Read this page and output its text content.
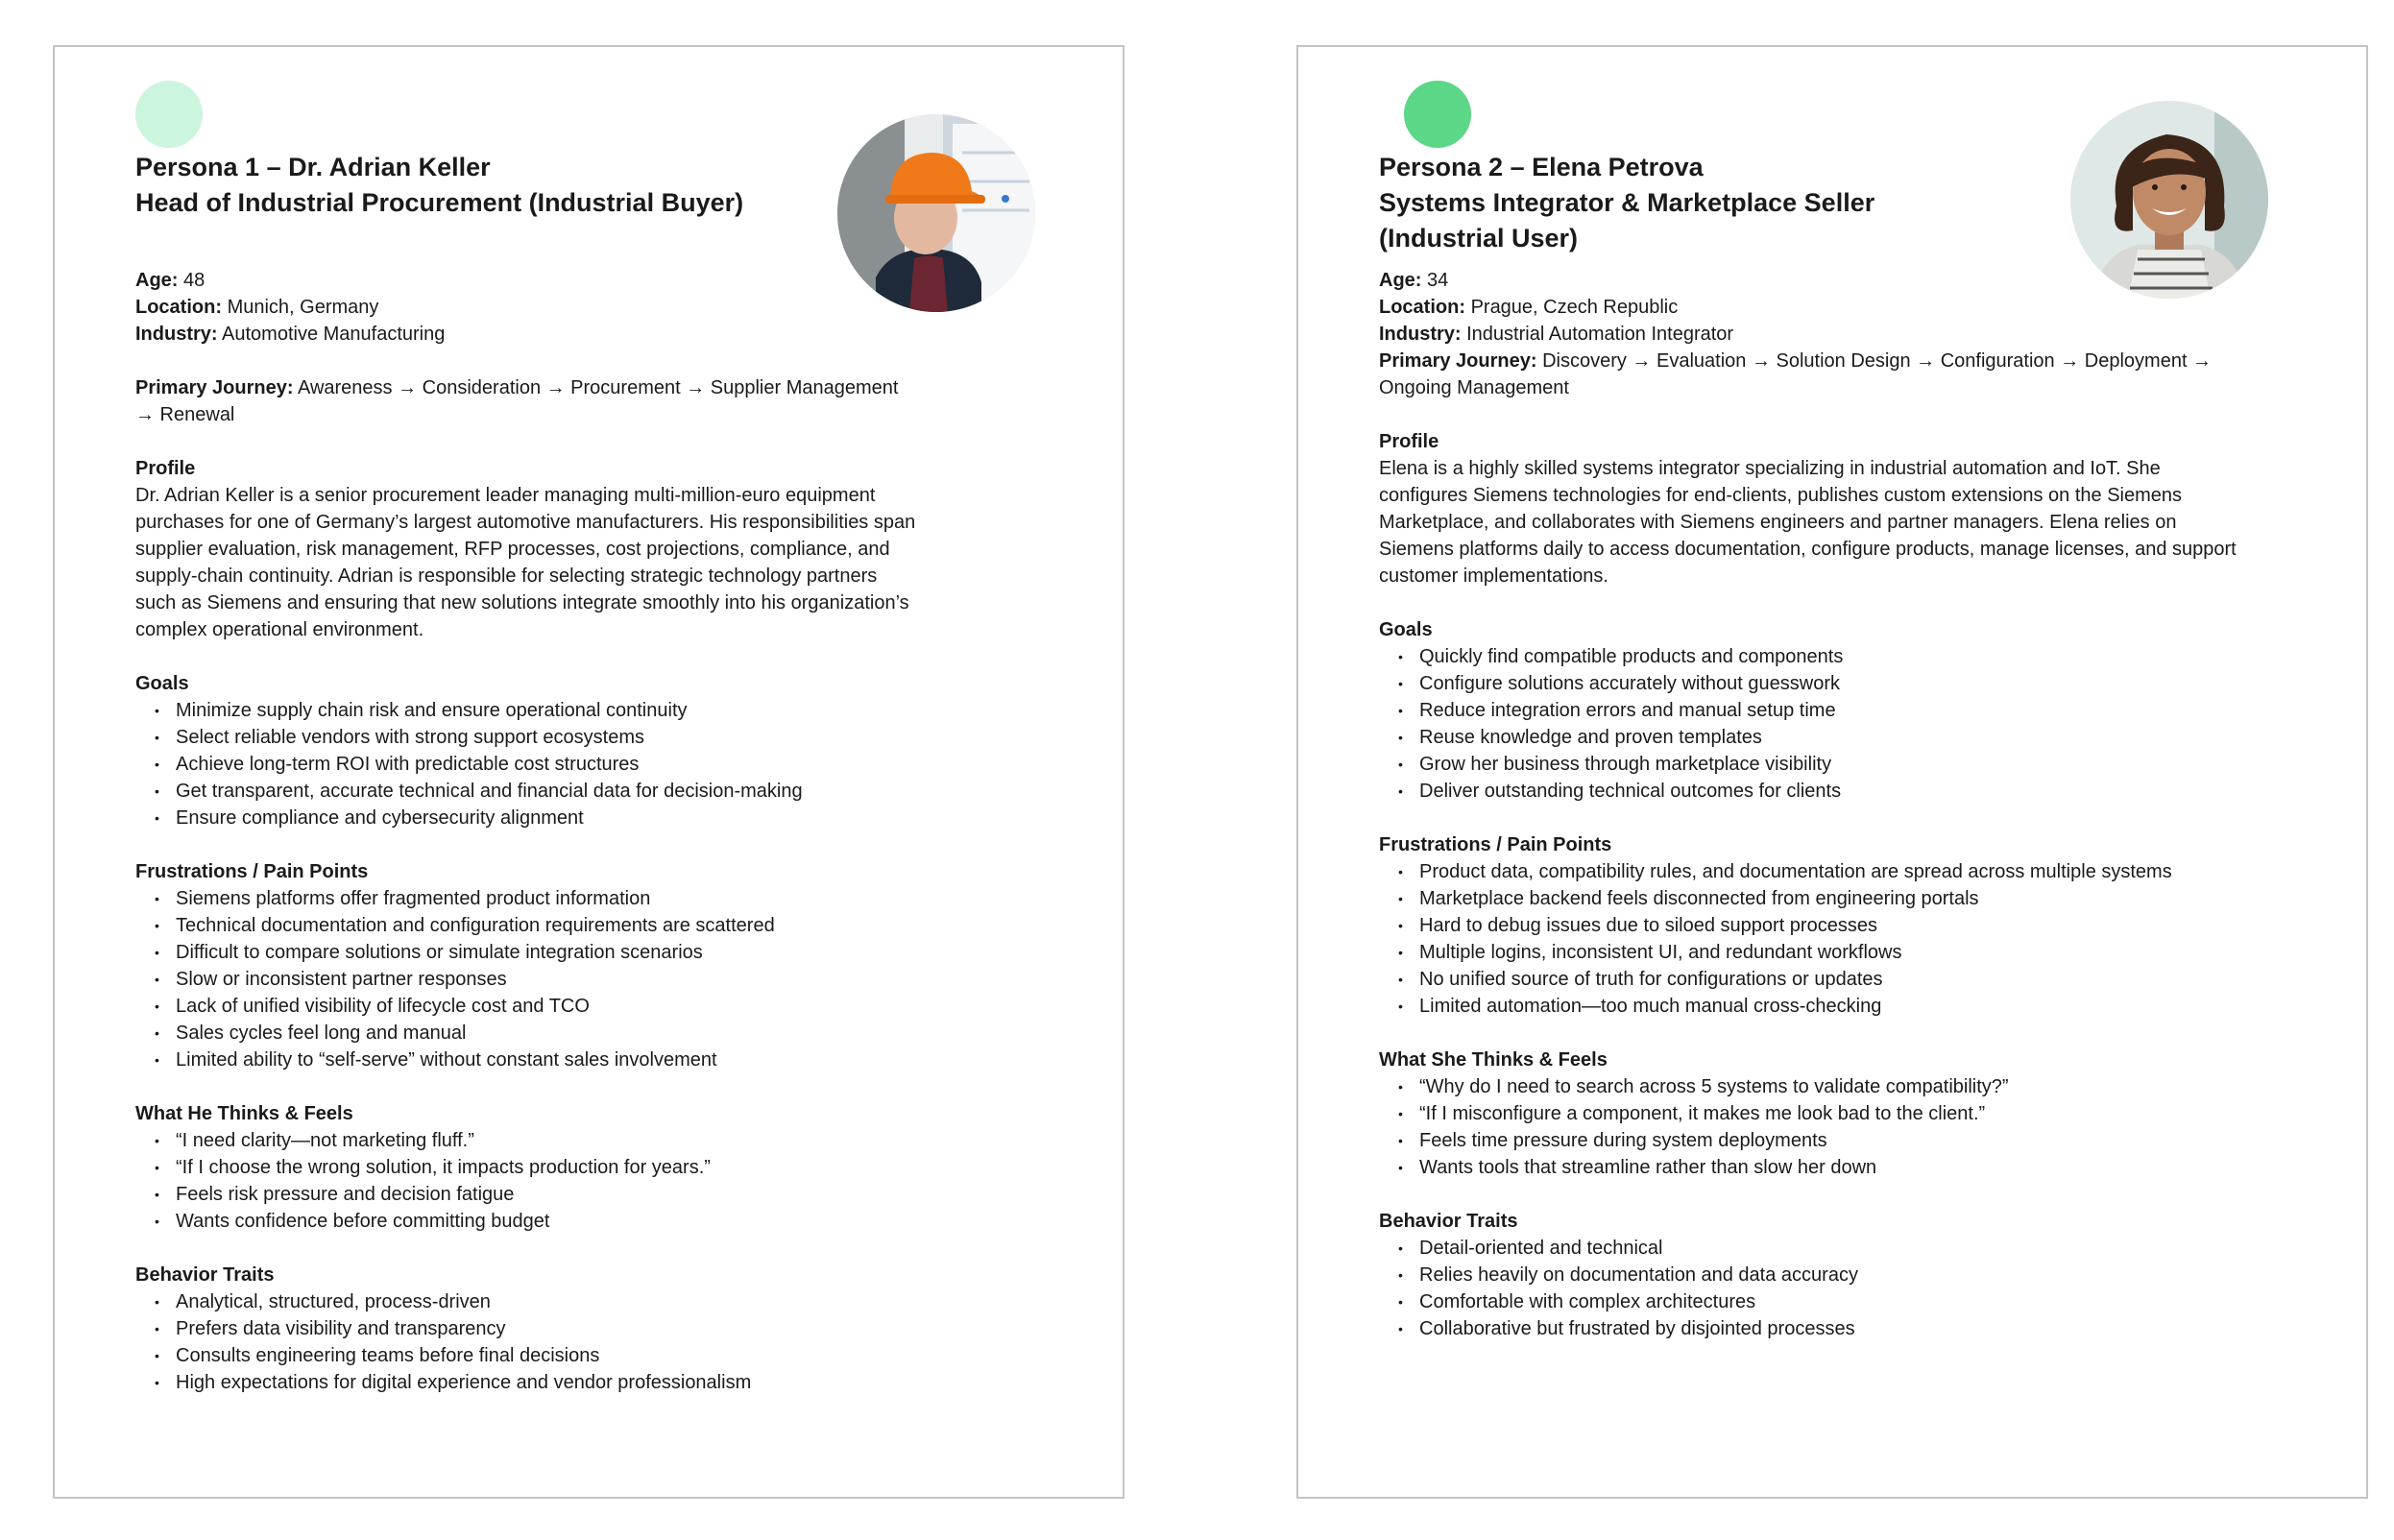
Persona 1 – Dr. Adrian Keller
Head of Industrial Procurement (Industrial Buyer)

Age: 48

Location: Munich, Germany

Industry: Automotive Manufacturing

Primary Journey: Awareness → Consideration → Procurement → Supplier Management → Renewal

Profile

Dr. Adrian Keller is a senior procurement leader managing multi-million-euro equipment purchases for one of Germany’s largest automotive manufacturers. His responsibilities span supplier evaluation, risk management, RFP processes, cost projections, compliance, and supply-chain continuity. Adrian is responsible for selecting strategic technology partners such as Siemens and ensuring that new solutions integrate smoothly into his organization’s complex operational environment.

Goals

• Minimize supply chain risk and ensure operational continuity
• Select reliable vendors with strong support ecosystems
• Achieve long-term ROI with predictable cost structures
• Get transparent, accurate technical and financial data for decision-making
• Ensure compliance and cybersecurity alignment

Frustrations / Pain Points

• Siemens platforms offer fragmented product information
• Technical documentation and configuration requirements are scattered
• Difficult to compare solutions or simulate integration scenarios
• Slow or inconsistent partner responses
• Lack of unified visibility of lifecycle cost and TCO
• Sales cycles feel long and manual
• Limited ability to “self-serve” without constant sales involvement

What He Thinks & Feels

• “I need clarity—not marketing fluff.”
• “If I choose the wrong solution, it impacts production for years.”
• Feels risk pressure and decision fatigue
• Wants confidence before committing budget

Behavior Traits

• Analytical, structured, process-driven
• Prefers data visibility and transparency
• Consults engineering teams before final decisions
• High expectations for digital experience and vendor professionalism
Persona 2 – Elena Petrova
Systems Integrator & Marketplace Seller
(Industrial User)

Age: 34

Location: Prague, Czech Republic

Industry: Industrial Automation Integrator

Primary Journey: Discovery → Evaluation → Solution Design → Configuration → Deployment → Ongoing Management

Profile

Elena is a highly skilled systems integrator specializing in industrial automation and IoT. She configures Siemens technologies for end-clients, publishes custom extensions on the Siemens Marketplace, and collaborates with Siemens engineers and partner managers. Elena relies on Siemens platforms daily to access documentation, configure products, manage licenses, and support customer implementations.

Goals

• Quickly find compatible products and components
• Configure solutions accurately without guesswork
• Reduce integration errors and manual setup time
• Reuse knowledge and proven templates
• Grow her business through marketplace visibility
• Deliver outstanding technical outcomes for clients

Frustrations / Pain Points

• Product data, compatibility rules, and documentation are spread across multiple systems
• Marketplace backend feels disconnected from engineering portals
• Hard to debug issues due to siloed support processes
• Multiple logins, inconsistent UI, and redundant workflows
• No unified source of truth for configurations or updates
• Limited automation—too much manual cross-checking

What She Thinks & Feels

• “Why do I need to search across 5 systems to validate compatibility?”
• “If I misconfigure a component, it makes me look bad to the client.”
• Feels time pressure during system deployments
• Wants tools that streamline rather than slow her down

Behavior Traits

• Detail-oriented and technical
• Relies heavily on documentation and data accuracy
• Comfortable with complex architectures
• Collaborative but frustrated by disjointed processes
